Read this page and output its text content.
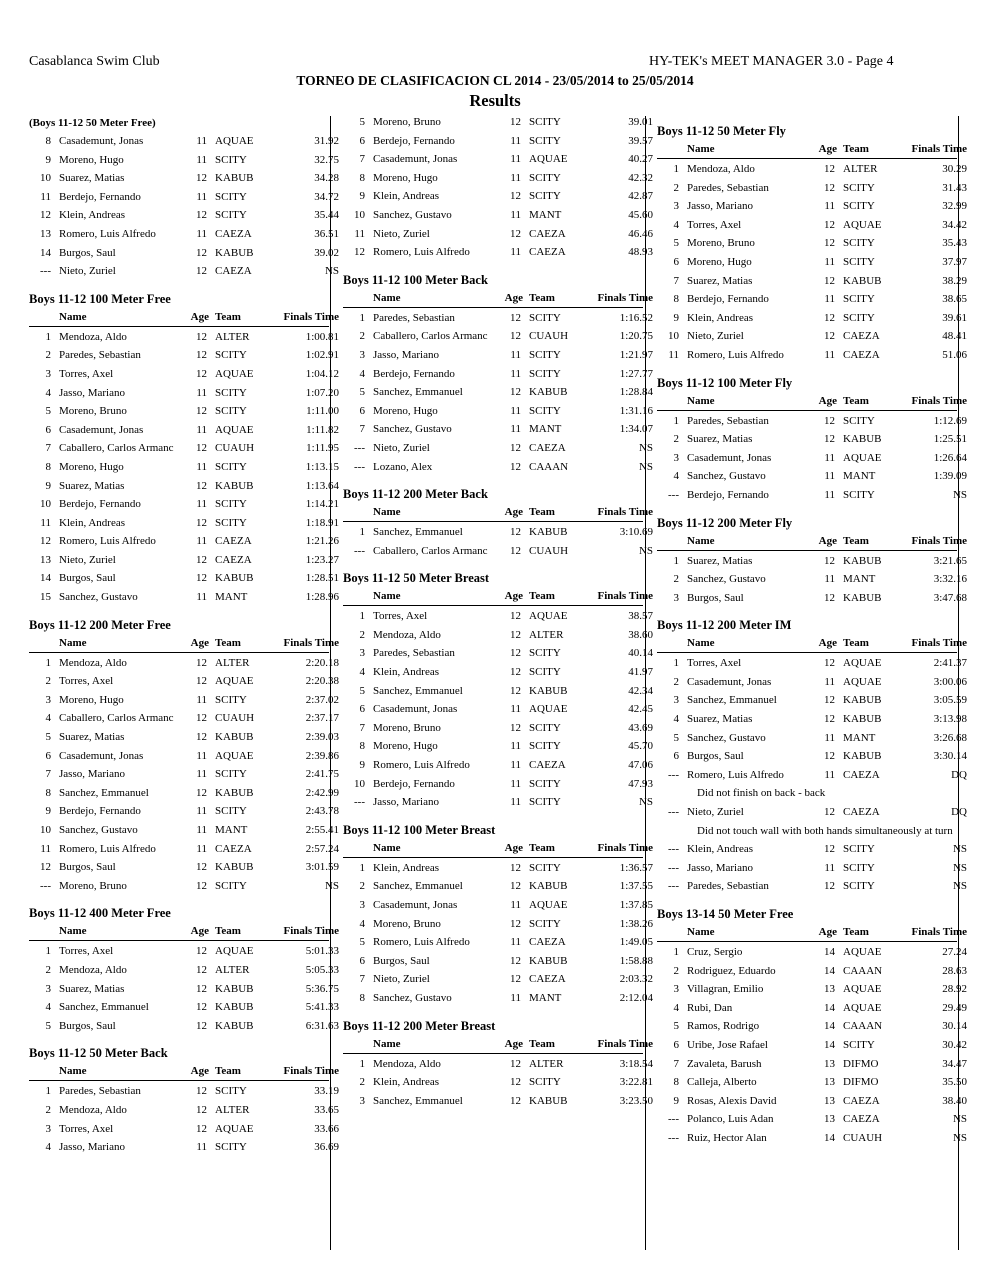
Casablanca Swim Club	HY-TEK's MEET MANAGER 3.0 - Page 4
TORNEO DE CLASIFICACION CL 2014 - 23/05/2014 to 25/05/2014
Results
(Boys 11-12 50 Meter Free)
8 Casademunt, Jonas	11 AQUAE	31.92
9 Moreno, Hugo	11 SCITY	32.75
10 Suarez, Matias	12 KABUB	34.28
11 Berdejo, Fernando	11 SCITY	34.72
12 Klein, Andreas	12 SCITY	35.44
13 Romero, Luis Alfredo	11 CAEZA	36.51
14 Burgos, Saul	12 KABUB	39.02
--- Nieto, Zuriel	12 CAEZA	NS
Boys 11-12 100 Meter Free
Name	Age Team	Finals Time
1 Mendoza, Aldo	12 ALTER	1:00.81
2 Paredes, Sebastian	12 SCITY	1:02.91
3 Torres, Axel	12 AQUAE	1:04.12
4 Jasso, Mariano	11 SCITY	1:07.20
5 Moreno, Bruno	12 SCITY	1:11.00
6 Casademunt, Jonas	11 AQUAE	1:11.82
7 Caballero, Carlos Armanc	12 CUAUH	1:11.95
8 Moreno, Hugo	11 SCITY	1:13.15
9 Suarez, Matias	12 KABUB	1:13.64
10 Berdejo, Fernando	11 SCITY	1:14.21
11 Klein, Andreas	12 SCITY	1:18.91
12 Romero, Luis Alfredo	11 CAEZA	1:21.26
13 Nieto, Zuriel	12 CAEZA	1:23.27
14 Burgos, Saul	12 KABUB	1:28.51
15 Sanchez, Gustavo	11 MANT	1:28.96
Boys 11-12 200 Meter Free
Name	Age Team	Finals Time
1 Mendoza, Aldo	12 ALTER	2:20.18
2 Torres, Axel	12 AQUAE	2:20.38
3 Moreno, Hugo	11 SCITY	2:37.02
4 Caballero, Carlos Armanc	12 CUAUH	2:37.17
5 Suarez, Matias	12 KABUB	2:39.03
6 Casademunt, Jonas	11 AQUAE	2:39.86
7 Jasso, Mariano	11 SCITY	2:41.75
8 Sanchez, Emmanuel	12 KABUB	2:42.99
9 Berdejo, Fernando	11 SCITY	2:43.78
10 Sanchez, Gustavo	11 MANT	2:55.41
11 Romero, Luis Alfredo	11 CAEZA	2:57.24
12 Burgos, Saul	12 KABUB	3:01.59
--- Moreno, Bruno	12 SCITY	NS
Boys 11-12 400 Meter Free
Name	Age Team	Finals Time
1 Torres, Axel	12 AQUAE	5:01.33
2 Mendoza, Aldo	12 ALTER	5:05.33
3 Suarez, Matias	12 KABUB	5:36.75
4 Sanchez, Emmanuel	12 KABUB	5:41.33
5 Burgos, Saul	12 KABUB	6:31.63
Boys 11-12 50 Meter Back
Name	Age Team	Finals Time
1 Paredes, Sebastian	12 SCITY	33.19
2 Mendoza, Aldo	12 ALTER	33.65
3 Torres, Axel	12 AQUAE	33.66
4 Jasso, Mariano	11 SCITY	36.69
5 Moreno, Bruno	12 SCITY	39.01
6 Berdejo, Fernando	11 SCITY	39.57
7 Casademunt, Jonas	11 AQUAE	40.27
8 Moreno, Hugo	11 SCITY	42.32
9 Klein, Andreas	12 SCITY	42.87
10 Sanchez, Gustavo	11 MANT	45.60
11 Nieto, Zuriel	12 CAEZA	46.46
12 Romero, Luis Alfredo	11 CAEZA	48.93
Boys 11-12 100 Meter Back
Name	Age Team	Finals Time
1 Paredes, Sebastian	12 SCITY	1:16.52
2 Caballero, Carlos Armanc	12 CUAUH	1:20.75
3 Jasso, Mariano	11 SCITY	1:21.97
4 Berdejo, Fernando	11 SCITY	1:27.77
5 Sanchez, Emmanuel	12 KABUB	1:28.84
6 Moreno, Hugo	11 SCITY	1:31.16
7 Sanchez, Gustavo	11 MANT	1:34.07
--- Nieto, Zuriel	12 CAEZA	NS
--- Lozano, Alex	12 CAAAN	NS
Boys 11-12 200 Meter Back
Name	Age Team	Finals Time
1 Sanchez, Emmanuel	12 KABUB	3:10.69
--- Caballero, Carlos Armanc	12 CUAUH	NS
Boys 11-12 50 Meter Breast
Name	Age Team	Finals Time
1 Torres, Axel	12 AQUAE	38.57
2 Mendoza, Aldo	12 ALTER	38.60
3 Paredes, Sebastian	12 SCITY	40.14
4 Klein, Andreas	12 SCITY	41.97
5 Sanchez, Emmanuel	12 KABUB	42.34
6 Casademunt, Jonas	11 AQUAE	42.45
7 Moreno, Bruno	12 SCITY	43.69
8 Moreno, Hugo	11 SCITY	45.70
9 Romero, Luis Alfredo	11 CAEZA	47.06
10 Berdejo, Fernando	11 SCITY	47.93
--- Jasso, Mariano	11 SCITY	NS
Boys 11-12 100 Meter Breast
Name	Age Team	Finals Time
1 Klein, Andreas	12 SCITY	1:36.57
2 Sanchez, Emmanuel	12 KABUB	1:37.55
3 Casademunt, Jonas	11 AQUAE	1:37.85
4 Moreno, Bruno	12 SCITY	1:38.26
5 Romero, Luis Alfredo	11 CAEZA	1:49.05
6 Burgos, Saul	12 KABUB	1:58.88
7 Nieto, Zuriel	12 CAEZA	2:03.32
8 Sanchez, Gustavo	11 MANT	2:12.04
Boys 11-12 200 Meter Breast
Name	Age Team	Finals Time
1 Mendoza, Aldo	12 ALTER	3:18.54
2 Klein, Andreas	12 SCITY	3:22.81
3 Sanchez, Emmanuel	12 KABUB	3:23.50
Boys 11-12 50 Meter Fly
Name	Age Team	Finals Time
1 Mendoza, Aldo	12 ALTER	30.29
2 Paredes, Sebastian	12 SCITY	31.43
3 Jasso, Mariano	11 SCITY	32.99
4 Torres, Axel	12 AQUAE	34.42
5 Moreno, Bruno	12 SCITY	35.43
6 Moreno, Hugo	11 SCITY	37.97
7 Suarez, Matias	12 KABUB	38.29
8 Berdejo, Fernando	11 SCITY	38.65
9 Klein, Andreas	12 SCITY	39.61
10 Nieto, Zuriel	12 CAEZA	48.41
11 Romero, Luis Alfredo	11 CAEZA	51.06
Boys 11-12 100 Meter Fly
Name	Age Team	Finals Time
1 Paredes, Sebastian	12 SCITY	1:12.69
2 Suarez, Matias	12 KABUB	1:25.51
3 Casademunt, Jonas	11 AQUAE	1:26.64
4 Sanchez, Gustavo	11 MANT	1:39.09
--- Berdejo, Fernando	11 SCITY	NS
Boys 11-12 200 Meter Fly
Name	Age Team	Finals Time
1 Suarez, Matias	12 KABUB	3:21.65
2 Sanchez, Gustavo	11 MANT	3:32.16
3 Burgos, Saul	12 KABUB	3:47.68
Boys 11-12 200 Meter IM
Name	Age Team	Finals Time
1 Torres, Axel	12 AQUAE	2:41.37
2 Casademunt, Jonas	11 AQUAE	3:00.06
3 Sanchez, Emmanuel	12 KABUB	3:05.59
4 Suarez, Matias	12 KABUB	3:13.98
5 Sanchez, Gustavo	11 MANT	3:26.68
6 Burgos, Saul	12 KABUB	3:30.14
--- Romero, Luis Alfredo	11 CAEZA	DQ
Did not finish on back - back
--- Nieto, Zuriel	12 CAEZA	DQ
Did not touch wall with both hands simultaneously at turn
--- Klein, Andreas	12 SCITY	NS
--- Jasso, Mariano	11 SCITY	NS
--- Paredes, Sebastian	12 SCITY	NS
Boys 13-14 50 Meter Free
Name	Age Team	Finals Time
1 Cruz, Sergio	14 AQUAE	27.24
2 Rodriguez, Eduardo	14 CAAAN	28.63
3 Villagran, Emilio	13 AQUAE	28.92
4 Rubi, Dan	14 AQUAE	29.49
5 Ramos, Rodrigo	14 CAAAN	30.14
6 Uribe, Jose Rafael	14 SCITY	30.42
7 Zavaleta, Barush	13 DIFMO	34.47
8 Calleja, Alberto	13 DIFMO	35.50
9 Rosas, Alexis David	13 CAEZA	38.40
--- Polanco, Luis Adan	13 CAEZA	NS
--- Ruiz, Hector Alan	14 CUAUH	NS
